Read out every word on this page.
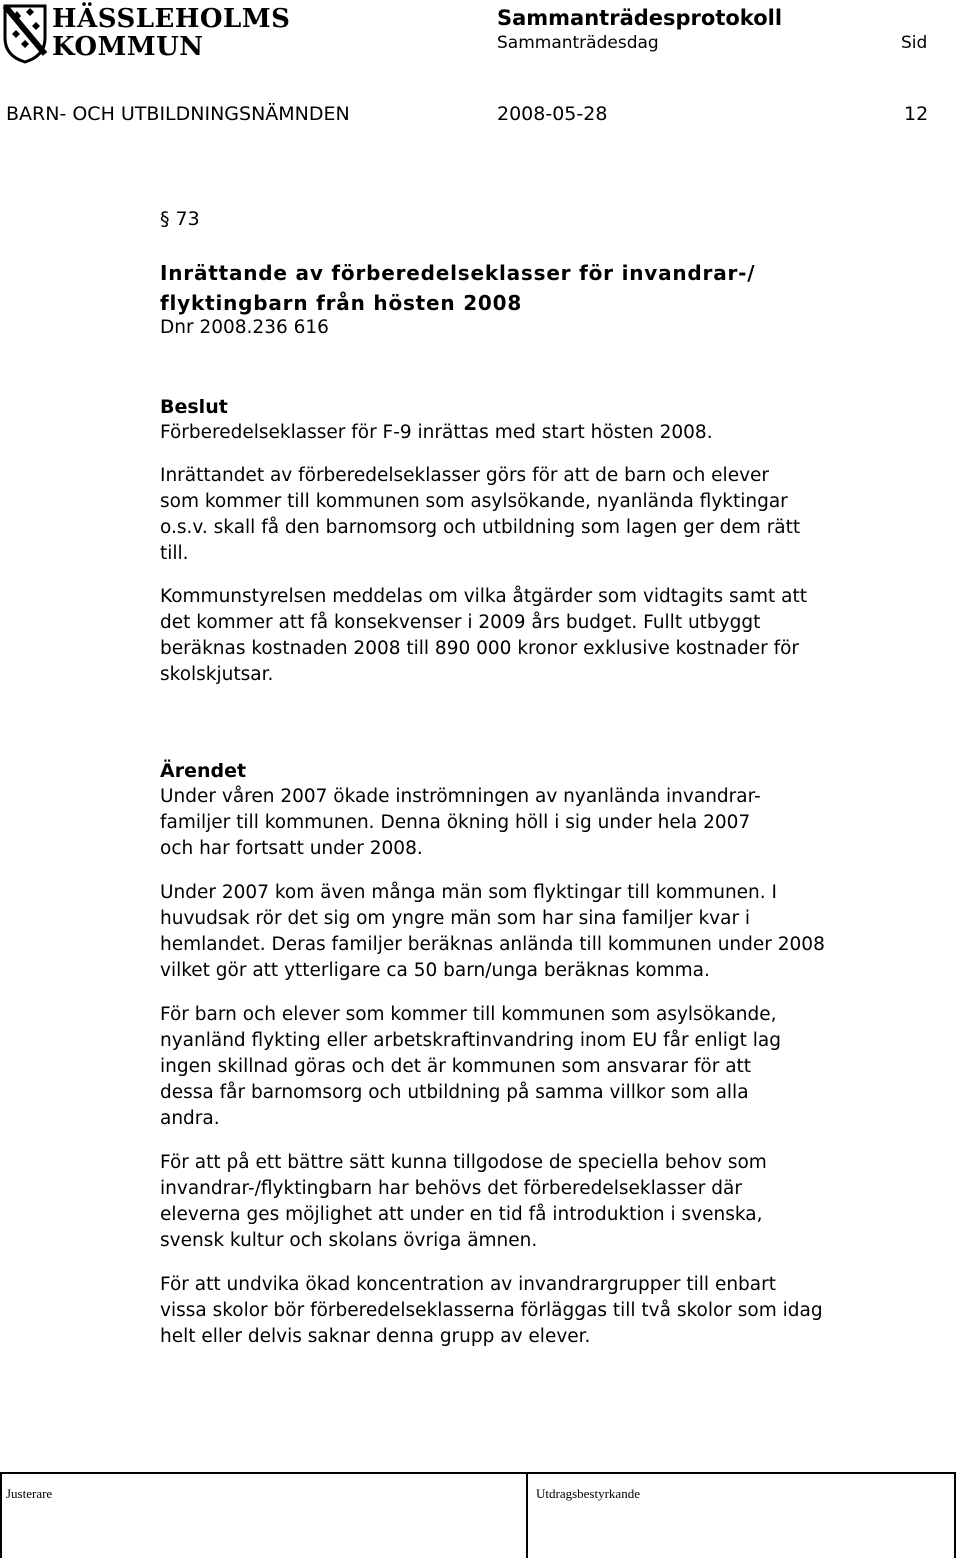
HÄSSLEHOLMS
KOMMUN
Sammanträdesprotokoll
Sammanträdesdag	Sid
BARN- OCH UTBILDNINGSNÄMNDEN	2008-05-28	12
§ 73
Inrättande av förberedelseklasser för invandrar-/
flyktingbarn från hösten 2008
Dnr 2008.236 616

Beslut

Förberedelseklasser för F-9 inrättas med start hösten 2008.

Inrättandet av förberedelseklasser görs för att de barn och elever
som kommer till kommunen som asylsökande, nyanlända flyktingar
o.s.v. skall få den barnomsorg och utbildning som lagen ger dem rätt
till.

Kommunstyrelsen meddelas om vilka åtgärder som vidtagits samt att
det kommer att få konsekvenser i 2009 års budget. Fullt utbyggt
beräknas kostnaden 2008 till 890 000 kronor exklusive kostnader för
skolskjutsar.

Ärendet

Under våren 2007 ökade inströmningen av nyanlända invandrar-
familjer till kommunen. Denna ökning höll i sig under hela 2007
och har fortsatt under 2008.

Under 2007 kom även många män som flyktingar till kommunen. I
huvudsak rör det sig om yngre män som har sina familjer kvar i
hemlandet. Deras familjer beräknas anlända till kommunen under 2008
vilket gör att ytterligare ca 50 barn/unga beräknas komma.

För barn och elever som kommer till kommunen som asylsökande,
nyanländ flykting eller arbetskraftinvandring inom EU får enligt lag
ingen skillnad göras och det är kommunen som ansvarar för att
dessa får barnomsorg och utbildning på samma villkor som alla
andra.

För att på ett bättre sätt kunna tillgodose de speciella behov som
invandrar-/flyktingbarn har behövs det förberedelseklasser där
eleverna ges möjlighet att under en tid få introduktion i svenska,
svensk kultur och skolans övriga ämnen.

För att undvika ökad koncentration av invandrargrupper till enbart
vissa skolor bör förberedelseklasserna förläggas till två skolor som idag
helt eller delvis saknar denna grupp av elever.

Justerare	Utdragsbestyrkande
